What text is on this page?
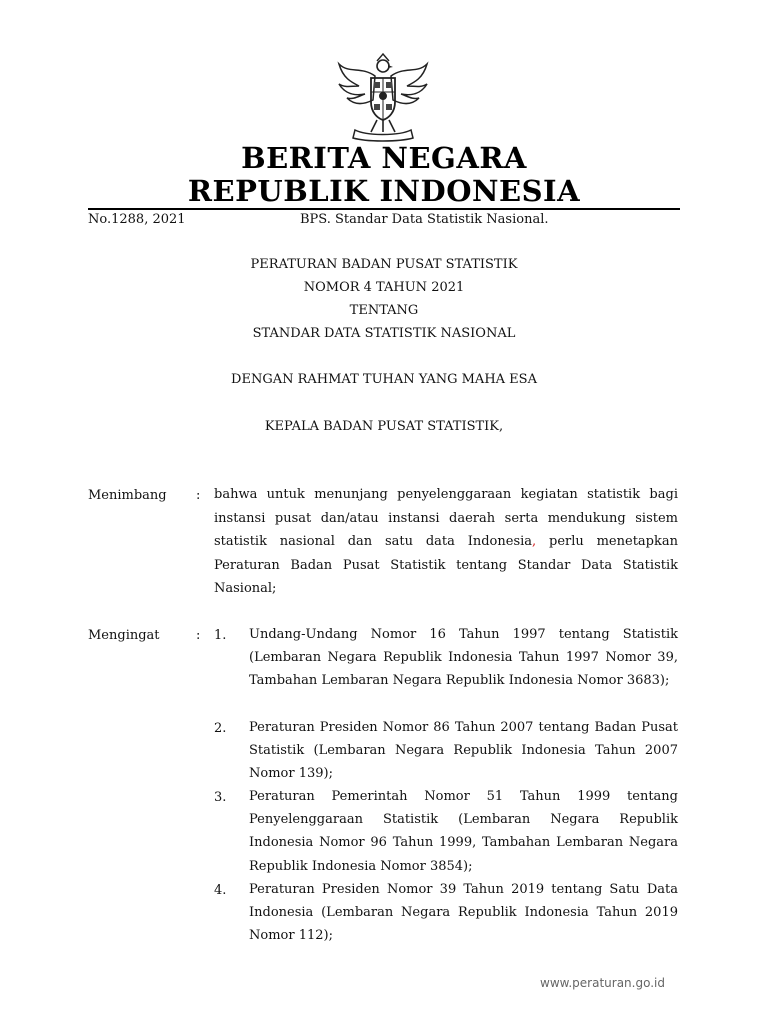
BERITA NEGARA
REPUBLIK INDONESIA
No.1288, 2021	BPS. Standar Data Statistik Nasional.
PERATURAN BADAN PUSAT STATISTIK
NOMOR 4 TAHUN 2021
TENTANG
STANDAR DATA STATISTIK NASIONAL
DENGAN RAHMAT TUHAN YANG MAHA ESA
KEPALA BADAN PUSAT STATISTIK,
Menimbang : bahwa untuk menunjang penyelenggaraan kegiatan statistik bagi instansi pusat dan/atau instansi daerah serta mendukung sistem statistik nasional dan satu data Indonesia, perlu menetapkan Peraturan Badan Pusat Statistik tentang Standar Data Statistik Nasional;
Mengingat	: 1. Undang-Undang Nomor 16 Tahun 1997 tentang Statistik (Lembaran Negara Republik Indonesia Tahun 1997 Nomor 39, Tambahan Lembaran Negara Republik Indonesia Nomor 3683);
2. Peraturan Presiden Nomor 86 Tahun 2007 tentang Badan Pusat Statistik (Lembaran Negara Republik Indonesia Tahun 2007 Nomor 139);
3. Peraturan Pemerintah Nomor 51 Tahun 1999 tentang Penyelenggaraan Statistik (Lembaran Negara Republik Indonesia Nomor 96 Tahun 1999, Tambahan Lembaran Negara Republik Indonesia Nomor 3854);
4. Peraturan Presiden Nomor 39 Tahun 2019 tentang Satu Data Indonesia (Lembaran Negara Republik Indonesia Tahun 2019 Nomor 112);
www.peraturan.go.id
